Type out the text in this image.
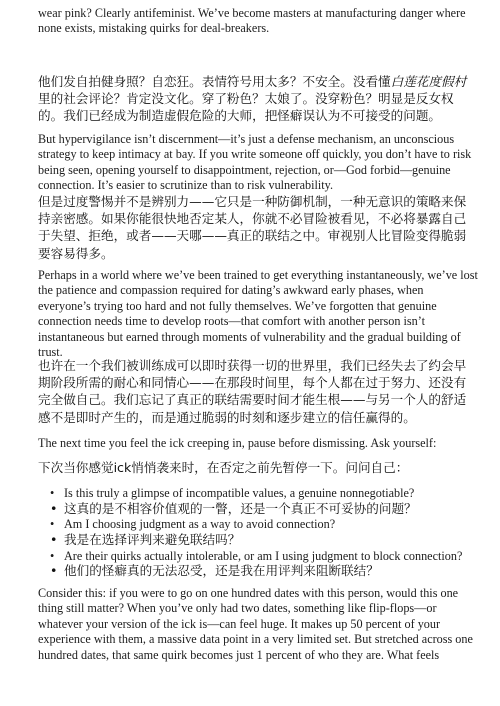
wear pink? Clearly antifeminist. We’ve become masters at manufacturing danger where none exists, mistaking quirks for deal-breakers.

他们发自拍健身照？自恋狂。表情符号用太多？不安全。没看懂白莲花度假村里的社会评论？肯定没文化。穿了粉色？太娘了。没穿粉色？明显是反女权的。我们已经成为制造虚假危险的大师，把怪癖误认为不可接受的问题。

But hypervigilance isn’t discernment—it’s just a defense mechanism, an unconscious strategy to keep intimacy at bay. If you write someone off quickly, you don’t have to risk being seen, opening yourself to disappointment, rejection, or—God forbid—genuine connection. It’s easier to scrutinize than to risk vulnerability.

但是过度警惕并不是辨别力——它只是一种防御机制，一种无意识的策略来保持亲密感。如果你能很快地否定某人，你就不必冒险被看见，不必将暴露自己于失望、拒绝，或者——天哪——真正的联结之中。审视别人比冒险变得脆弱要容易得多。

Perhaps in a world where we’ve been trained to get everything instantaneously, we’ve lost the patience and compassion required for dating’s awkward early phases, when everyone’s trying too hard and not fully themselves. We’ve forgotten that genuine connection needs time to develop roots—that comfort with another person isn’t instantaneous but earned through moments of vulnerability and the gradual building of trust.

也许在一个我们被训练成可以即时获得一切的世界里，我们已经失去了约会早期阶段所需的耐心和同情心——在那段时间里，每个人都在过于努力、还没有完全做自己。我们忘记了真正的联结需要时间才能生根——与另一个人的舒适感不是即时产生的，而是通过脆弱的时刻和逐步建立的信任赢得的。

The next time you feel the ick creeping in, pause before dismissing. Ask yourself:

下次当你感觉ick悄悄袭来时，在否定之前先暂停一下。问问自己：

• Is this truly a glimpse of incompatible values, a genuine nonnegotiable?
• 这真的是不相容价值观的一瞥，还是一个真正不可妥协的问题？
• Am I choosing judgment as a way to avoid connection?
• 我是在选择评判来避免联结吗？
• Are their quirks actually intolerable, or am I using judgment to block connection?
• 他们的怪癖真的无法忍受，还是我在用评判来阻断联结？

Consider this: if you were to go on one hundred dates with this person, would this one thing still matter? When you’ve only had two dates, something like flip-flops—or whatever your version of the ick is—can feel huge. It makes up 50 percent of your experience with them, a massive data point in a very limited set. But stretched across one hundred dates, that same quirk becomes just 1 percent of who they are. What feels
